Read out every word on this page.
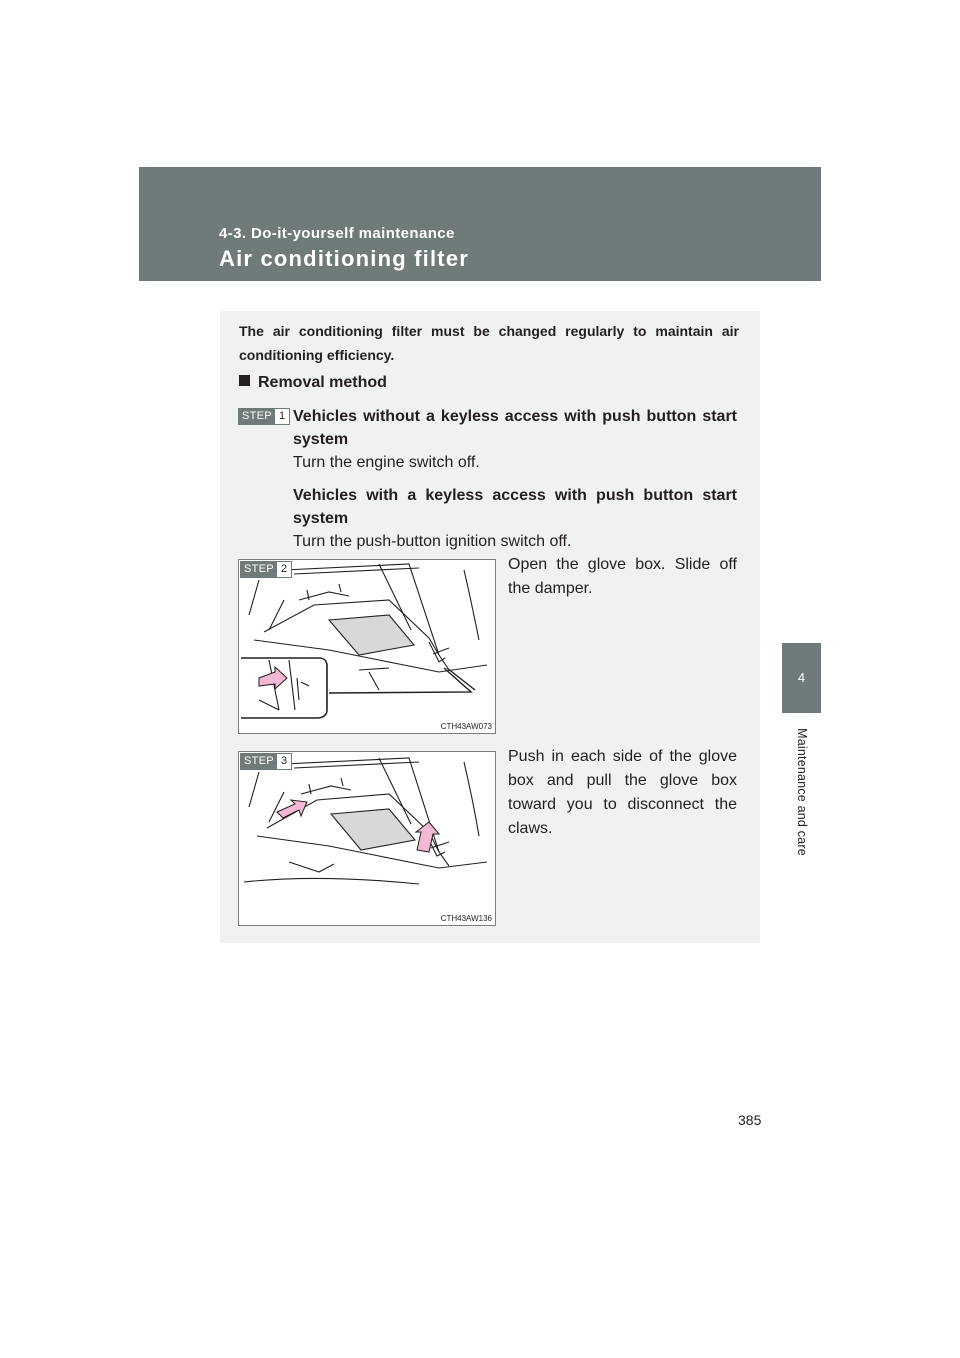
4-3. Do-it-yourself maintenance
Air conditioning filter
4
Maintenance and care
The air conditioning filter must be changed regularly to maintain air conditioning efficiency.
Removal method
STEP 1 Vehicles without a keyless access with push button start system
Turn the engine switch off.
Vehicles with a keyless access with push button start system
Turn the push-button ignition switch off.
STEP 2
CTH43AW073
Open the glove box. Slide off the damper.
STEP 3
CTH43AW136
Push in each side of the glove box and pull the glove box toward you to disconnect the claws.
385
